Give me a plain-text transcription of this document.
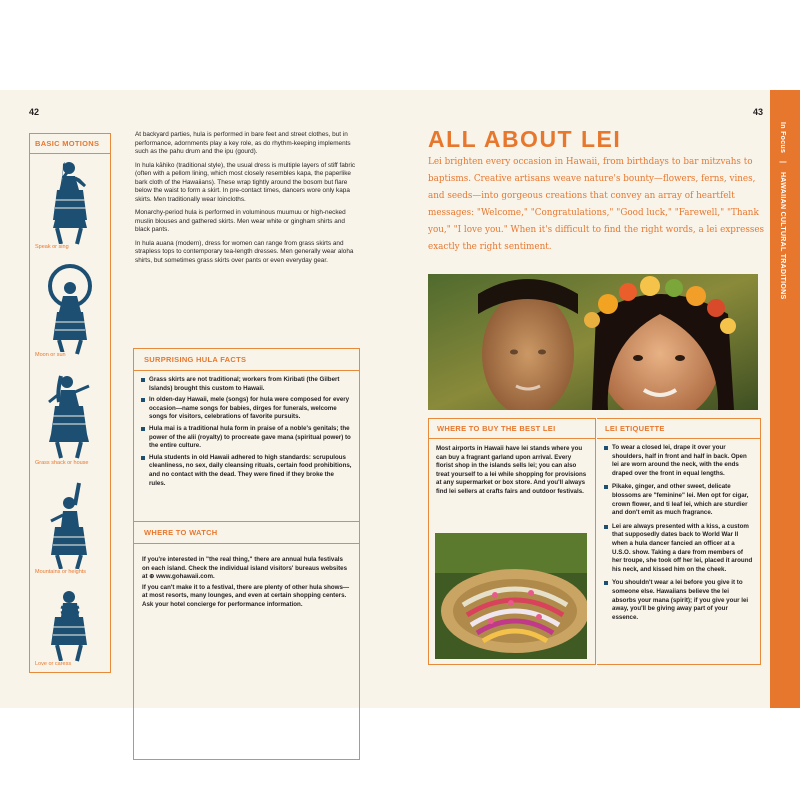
42	43
BASIC MOTIONS
Speak or sing
Moon or sun
Grass shack or house
Mountains or heights
Love or caress

At backyard parties, hula is performed in bare feet and street clothes, but in performance, adornments play a key role, as do rhythm-keeping implements such as the pahu drum and the ipu (gourd).

In hula kāhiko (traditional style), the usual dress is multiple layers of stiff fabric (often with a pellom lining, which most closely resembles kapa, the paperlike bark cloth of the Hawaiians). These wrap tightly around the bosom but flare below the waist to form a skirt. In pre-contact times, dancers wore only kapa skirts. Men traditionally wear loincloths.

Monarchy-period hula is performed in voluminous muumuu or high-necked muslin blouses and gathered skirts. Men wear white or gingham shirts and black pants.

In hula auana (modern), dress for women can range from grass skirts and strapless tops to contemporary tea-length dresses. Men generally wear aloha shirts, but sometimes grass skirts over pants or even everyday gear.

SURPRISING HULA FACTS
Grass skirts are not traditional; workers from Kiribati (the Gilbert Islands) brought this custom to Hawaii.
In olden-day Hawaii, mele (songs) for hula were composed for every occasion—name songs for babies, dirges for funerals, welcome songs for visitors, celebrations of favorite pursuits.
Hula mai is a traditional hula form in praise of a noble's genitals; the power of the alii (royalty) to procreate gave mana (spiritual power) to the entire culture.
Hula students in old Hawaii adhered to high standards: scrupulous cleanliness, no sex, daily cleansing rituals, certain food prohibitions, and no contact with the dead. They were fined if they broke the rules.
WHERE TO WATCH

If you're interested in "the real thing," there are annual hula festivals on each island. Check the individual island visitors' bureaus websites at ⊕ www.gohawaii.com.

If you can't make it to a festival, there are plenty of other hula shows—at most resorts, many lounges, and even at certain shopping centers. Ask your hotel concierge for performance information.

ALL ABOUT LEI
Lei brighten every occasion in Hawaii, from birthdays to bar mitzvahs to baptisms. Creative artisans weave nature's bounty—flowers, ferns, vines, and seeds—into gorgeous creations that convey an array of heartfelt messages: "Welcome," "Congratulations," "Good luck," "Farewell," "Thank you," "I love you." When it's difficult to find the right words, a lei expresses exactly the right sentiment.
WHERE TO BUY THE BEST LEI
Most airports in Hawaii have lei stands where you can buy a fragrant garland upon arrival. Every florist shop in the islands sells lei; you can also treat yourself to a lei while shopping for provisions at any supermarket or box store. And you'll always find lei sellers at crafts fairs and outdoor festivals.
LEI ETIQUETTE
To wear a closed lei, drape it over your shoulders, half in front and half in back. Open lei are worn around the neck, with the ends draped over the front in equal lengths.
Pikake, ginger, and other sweet, delicate blossoms are "feminine" lei. Men opt for cigar, crown flower, and ti leaf lei, which are sturdier and don't emit as much fragrance.
Lei are always presented with a kiss, a custom that supposedly dates back to World War II when a hula dancer fancied an officer at a U.S.O. show. Taking a dare from members of her troupe, she took off her lei, placed it around his neck, and kissed him on the cheek.
You shouldn't wear a lei before you give it to someone else. Hawaiians believe the lei absorbs your mana (spirit); if you give your lei away, you'll be giving away part of your essence.
In Focus | HAWAIIAN CULTURAL TRADITIONS
